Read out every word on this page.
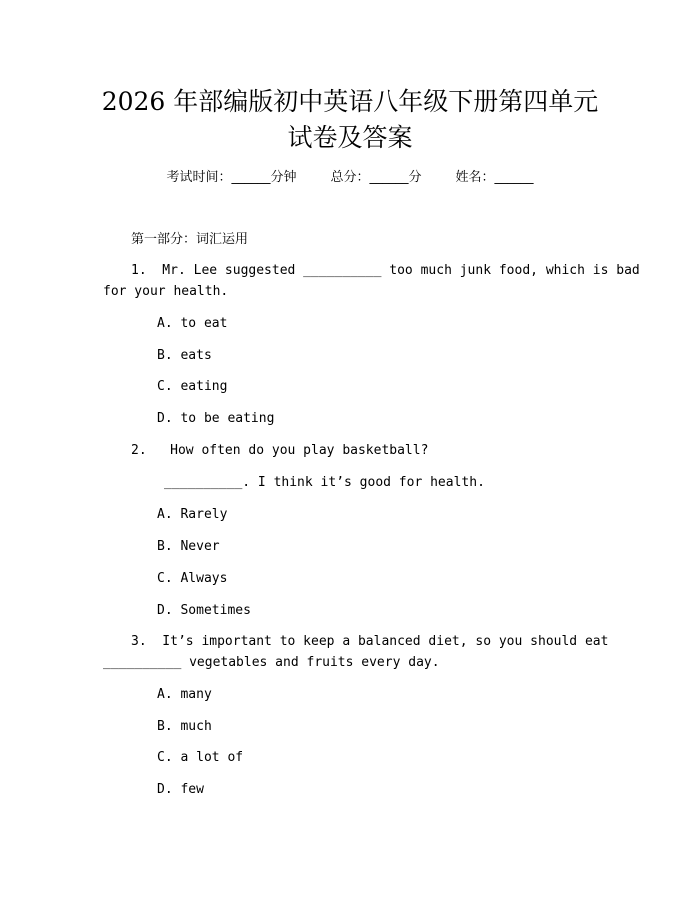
2026 年部编版初中英语八年级下册第四单元
试卷及答案
考试时间：______分钟	总分：______分	姓名：______
第一部分：词汇运用
1.  Mr. Lee suggested __________ too much junk food, which is bad
for your health.
A. to eat
B. eats
C. eating
D. to be eating
2.   How often do you play basketball?
__________. I think it’s good for health.
A. Rarely
B. Never
C. Always
D. Sometimes
3.  It’s important to keep a balanced diet, so you should eat
__________ vegetables and fruits every day.
A. many
B. much
C. a lot of
D. few
